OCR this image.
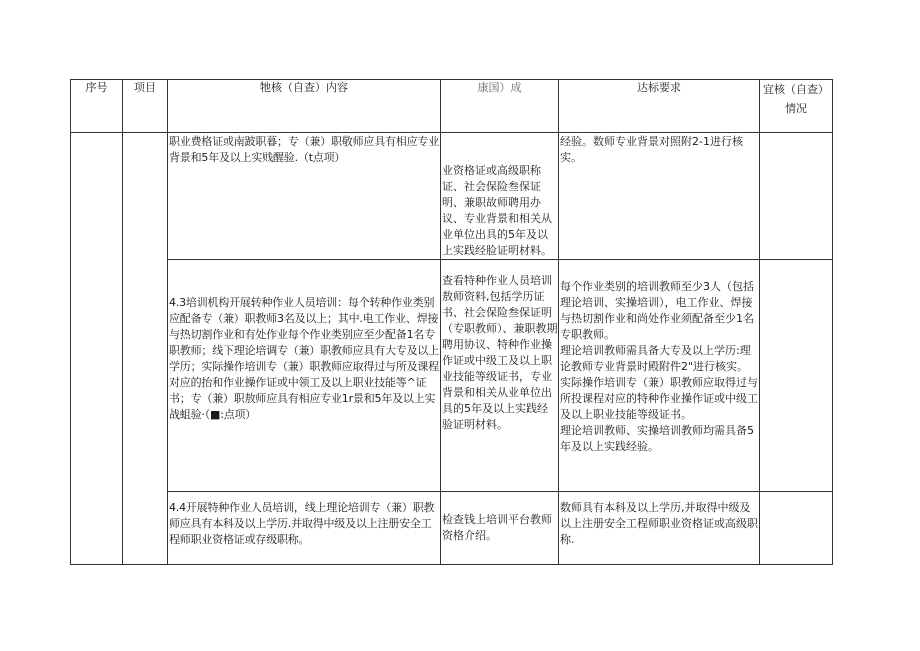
序号	项目	牠核（自查）内容	康国）成	达标要求	宜核（自查）
情况

		职业费格证或南跛职暮；专（兼）职敬师应具有相应专业背景和5年及以上实贱醒验.（t点项）	业资格证或高级职称证、社会保险叁保证明、兼职故师聘用办议、专业背景和相关从业单位出具的5年及以上实践经脸证明材料。	经验。数师专业背景对照附2-1进行核实。	

		4.3培训机构开展转种作业人员培训：每个转种作业类别应配备专（兼）职教师3名及以上；其中.电工作业、焊接与热切割作业和有处作业每个作业类别应至少配备1名专职教师；线下理论培调专（兼）职教师应具有大专及以上学历；实际操作培训专（兼）职教师应取得过与所及课程对应的抬和作业操作证或中领工及以上职业技能等^证书；专（兼）职敖师应具有相应专业1r景和5年及以上实战蛆验·（■:点项）	查看特种作业人员培训敖师资料,包括学历证书、社会保险叁保证明（专职教师）、兼职教期聘用协议、特种作业操作证或中级工及以上职业技能等级证书，专业背景和相关从业单位出具的5年及以上实践经验证明材料。	每个作业类别的培训教师至少3人（包括理论培训、实操培训），电工作业、焊接与热切割作业和尚处作业须配备至少1名专职教师。
理论培训教师需具备大专及以上学历:理论教师专业背景时殿附件2"进行核实。
实际操作培训专（兼）职教师应取得过与所投课程对应的特种作业操作证或中级工及以上职业技能等级证书。
理论培训教师、实操培训教师均需具备5年及以上实践经验。	

		4.4开展特种作业人员培训，线上理论培训专（兼）职教师应具有本科及以上学历.并取得中级及以上注册安全工程师职业资格证或存级职称。	检查钱上培训平台教师资格介绍。	数师具有本科及以上学历,并取得中级及以上注册安全工程师职业资格证或高级职称.	
